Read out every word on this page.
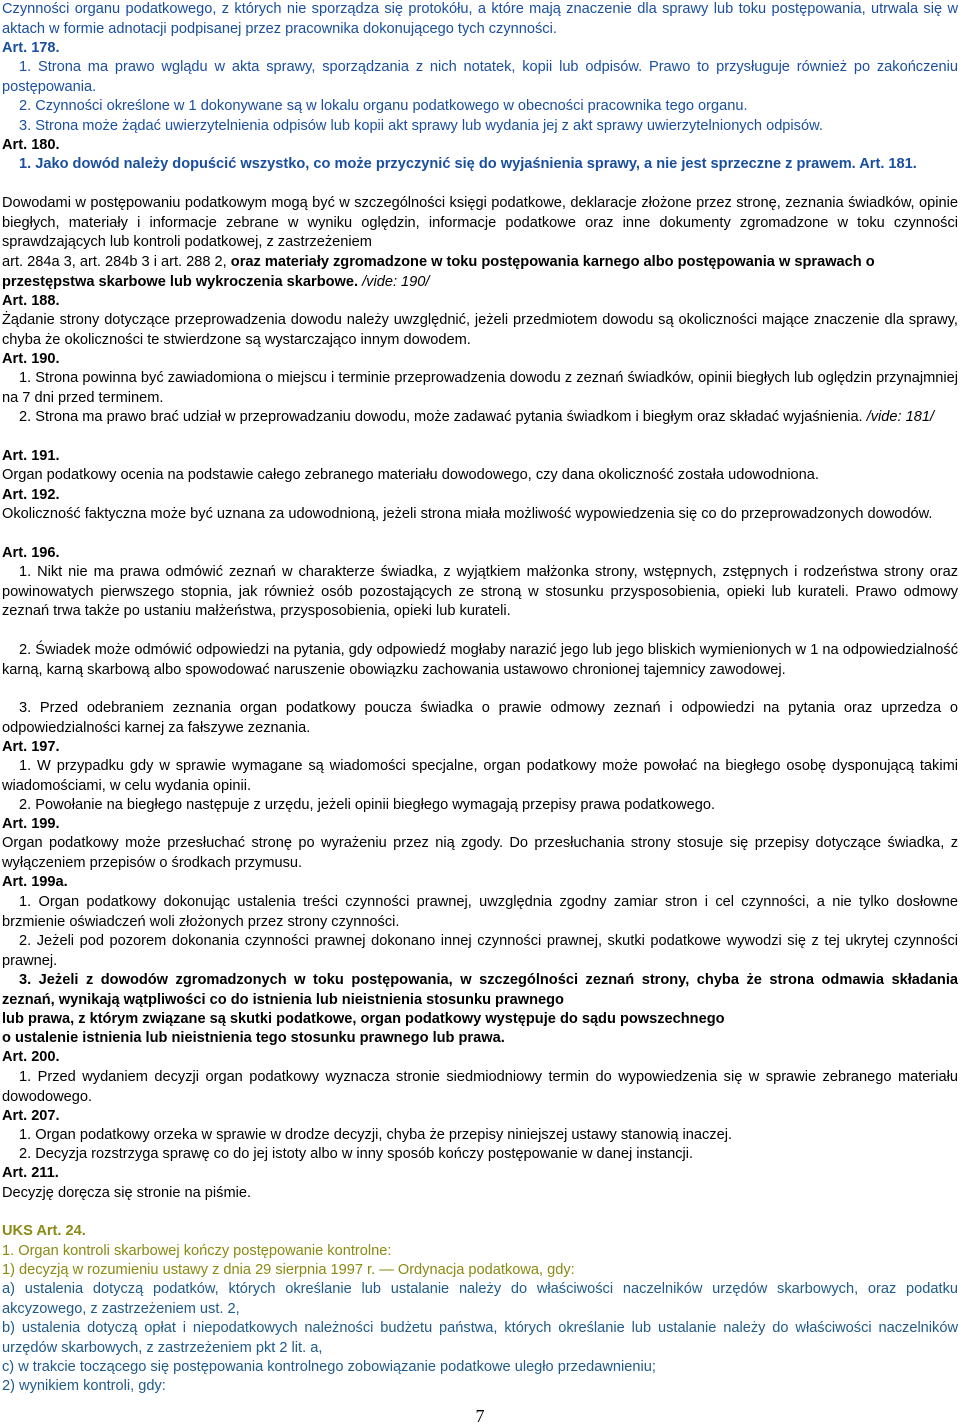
Czynności organu podatkowego, z których nie sporządza się protokółu, a które mają znaczenie dla sprawy lub toku postępowania, utrwala się w aktach w formie adnotacji podpisanej przez pracownika dokonującego tych czynności.

Art. 178.

1. Strona ma prawo wglądu w akta sprawy, sporządzania z nich notatek, kopii lub odpisów. Prawo to przysługuje również po zakończeniu postępowania.

2. Czynności określone w 1 dokonywane są w lokalu organu podatkowego w obecności pracownika tego organu.

3. Strona może żądać uwierzytelnienia odpisów lub kopii akt sprawy lub wydania jej z akt sprawy uwierzytelnionych odpisów.

Art. 180.

1. Jako dowód należy dopuścić wszystko, co może przyczynić się do wyjaśnienia sprawy, a nie jest sprzeczne z prawem. Art. 181.

Dowodami w postępowaniu podatkowym mogą być w szczególności księgi podatkowe, deklaracje złożone przez stronę, zeznania świadków, opinie biegłych, materiały i informacje zebrane w wyniku oględzin, informacje podatkowe oraz inne dokumenty zgromadzone w toku czynności sprawdzających lub kontroli podatkowej, z zastrzeżeniem

art. 284a 3, art. 284b 3 i art. 288 2, oraz materiały zgromadzone w toku postępowania karnego albo postępowania w sprawach o przestępstwa skarbowe lub wykroczenia skarbowe. /vide: 190/

Art. 188.

Żądanie strony dotyczące przeprowadzenia dowodu należy uwzględnić, jeżeli przedmiotem dowodu są okoliczności mające znaczenie dla sprawy, chyba że okoliczności te stwierdzone są wystarczająco innym dowodem.

Art. 190.

1. Strona powinna być zawiadomiona o miejscu i terminie przeprowadzenia dowodu z zeznań świadków, opinii biegłych lub oględzin przynajmniej na 7 dni przed terminem.

2. Strona ma prawo brać udział w przeprowadzaniu dowodu, może zadawać pytania świadkom i biegłym oraz składać wyjaśnienia. /vide: 181/

Art. 191.

Organ podatkowy ocenia na podstawie całego zebranego materiału dowodowego, czy dana okoliczność została udowodniona.

Art. 192.

Okoliczność faktyczna może być uznana za udowodnioną, jeżeli strona miała możliwość wypowiedzenia się co do przeprowadzonych dowodów.

Art. 196.

1. Nikt nie ma prawa odmówić zeznań w charakterze świadka, z wyjątkiem małżonka strony, wstępnych, zstępnych i rodzeństwa strony oraz powinowatych pierwszego stopnia, jak również osób pozostających ze stroną w stosunku przysposobienia, opieki lub kurateli. Prawo odmowy zeznań trwa także po ustaniu małżeństwa, przysposobienia, opieki lub kurateli.

2. Świadek może odmówić odpowiedzi na pytania, gdy odpowiedź mogłaby narazić jego lub jego bliskich wymienionych w 1 na odpowiedzialność karną, karną skarbową albo spowodować naruszenie obowiązku zachowania ustawowo chronionej tajemnicy zawodowej.

3. Przed odebraniem zeznania organ podatkowy poucza świadka o prawie odmowy zeznań i odpowiedzi na pytania oraz uprzedza o odpowiedzialności karnej za fałszywe zeznania.

Art. 197.

1. W przypadku gdy w sprawie wymagane są wiadomości specjalne, organ podatkowy może powołać na biegłego osobę dysponującą takimi wiadomościami, w celu wydania opinii.

2. Powołanie na biegłego następuje z urzędu, jeżeli opinii biegłego wymagają przepisy prawa podatkowego.

Art. 199.

Organ podatkowy może przesłuchać stronę po wyrażeniu przez nią zgody. Do przesłuchania strony stosuje się przepisy dotyczące świadka, z wyłączeniem przepisów o środkach przymusu.

Art. 199a.

1. Organ podatkowy dokonując ustalenia treści czynności prawnej, uwzględnia zgodny zamiar stron i cel czynności, a nie tylko dosłowne brzmienie oświadczeń woli złożonych przez strony czynności.

2. Jeżeli pod pozorem dokonania czynności prawnej dokonano innej czynności prawnej, skutki podatkowe wywodzi się z tej ukrytej czynności prawnej.

3. Jeżeli z dowodów zgromadzonych w toku postępowania, w szczególności zeznań strony, chyba że strona odmawia składania zeznań, wynikają wątpliwości co do istnienia lub nieistnienia stosunku prawnego

lub prawa, z którym związane są skutki podatkowe, organ podatkowy występuje do sądu powszechnego

o ustalenie istnienia lub nieistnienia tego stosunku prawnego lub prawa.

Art. 200.

1. Przed wydaniem decyzji organ podatkowy wyznacza stronie siedmiodniowy termin do wypowiedzenia się w sprawie zebranego materiału dowodowego.

Art. 207.

1. Organ podatkowy orzeka w sprawie w drodze decyzji, chyba że przepisy niniejszej ustawy stanowią inaczej.

2. Decyzja rozstrzyga sprawę co do jej istoty albo w inny sposób kończy postępowanie w danej instancji.

Art. 211.

Decyzję doręcza się stronie na piśmie.

UKS Art. 24.

1. Organ kontroli skarbowej kończy postępowanie kontrolne:

1) decyzją w rozumieniu ustawy z dnia 29 sierpnia 1997 r. — Ordynacja podatkowa, gdy:

a) ustalenia dotyczą podatków, których określanie lub ustalanie należy do właściwości naczelników urzędów skarbowych, oraz podatku akcyzowego, z zastrzeżeniem ust. 2,

b) ustalenia dotyczą opłat i niepodatkowych należności budżetu państwa, których określanie lub ustalanie należy do właściwości naczelników urzędów skarbowych, z zastrzeżeniem pkt 2 lit. a,

c) w trakcie toczącego się postępowania kontrolnego zobowiązanie podatkowe uległo przedawnieniu;

2) wynikiem kontroli, gdy:

7
